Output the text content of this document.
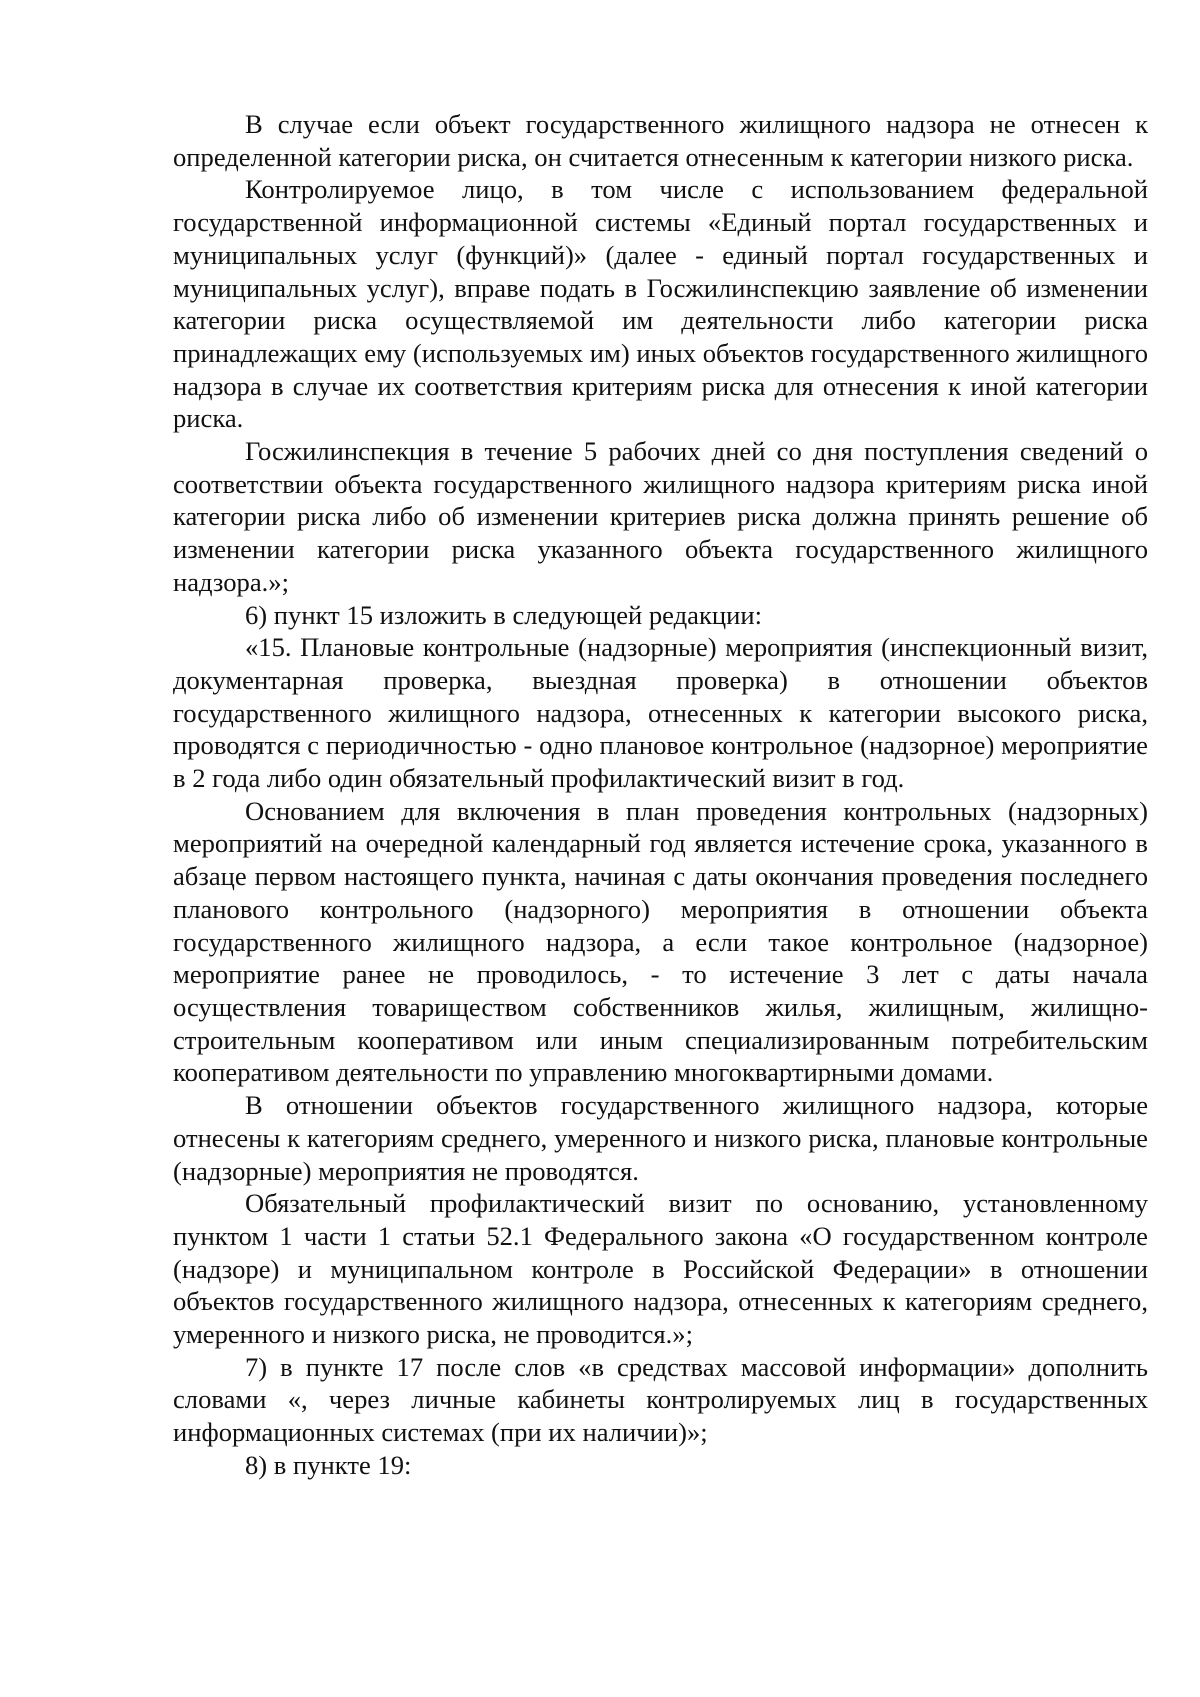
В случае если объект государственного жилищного надзора не отнесен к определенной категории риска, он считается отнесенным к категории низкого риска.

Контролируемое лицо, в том числе с использованием федеральной государственной информационной системы «Единый портал государственных и муниципальных услуг (функций)» (далее - единый портал государственных и муниципальных услуг), вправе подать в Госжилинспекцию заявление об изменении категории риска осуществляемой им деятельности либо категории риска принадлежащих ему (используемых им) иных объектов государственного жилищного надзора в случае их соответствия критериям риска для отнесения к иной категории риска.

Госжилинспекция в течение 5 рабочих дней со дня поступления сведений о соответствии объекта государственного жилищного надзора критериям риска иной категории риска либо об изменении критериев риска должна принять решение об изменении категории риска указанного объекта государственного жилищного надзора.»;

6) пункт 15 изложить в следующей редакции:

«15. Плановые контрольные (надзорные) мероприятия (инспекционный визит, документарная проверка, выездная проверка) в отношении объектов государственного жилищного надзора, отнесенных к категории высокого риска, проводятся с периодичностью - одно плановое контрольное (надзорное) мероприятие в 2 года либо один обязательный профилактический визит в год.

Основанием для включения в план проведения контрольных (надзорных) мероприятий на очередной календарный год является истечение срока, указанного в абзаце первом настоящего пункта, начиная с даты окончания проведения последнего планового контрольного (надзорного) мероприятия в отношении объекта государственного жилищного надзора, а если такое контрольное (надзорное) мероприятие ранее не проводилось, - то истечение 3 лет с даты начала осуществления товариществом собственников жилья, жилищным, жилищно-строительным кооперативом или иным специализированным потребительским кооперативом деятельности по управлению многоквартирными домами.

В отношении объектов государственного жилищного надзора, которые отнесены к категориям среднего, умеренного и низкого риска, плановые контрольные (надзорные) мероприятия не проводятся.

Обязательный профилактический визит по основанию, установленному пунктом 1 части 1 статьи 52.1 Федерального закона «О государственном контроле (надзоре) и муниципальном контроле в Российской Федерации» в отношении объектов государственного жилищного надзора, отнесенных к категориям среднего, умеренного и низкого риска, не проводится.»;

7) в пункте 17 после слов «в средствах массовой информации» дополнить словами «, через личные кабинеты контролируемых лиц в государственных информационных системах (при их наличии)»;

8) в пункте 19:
